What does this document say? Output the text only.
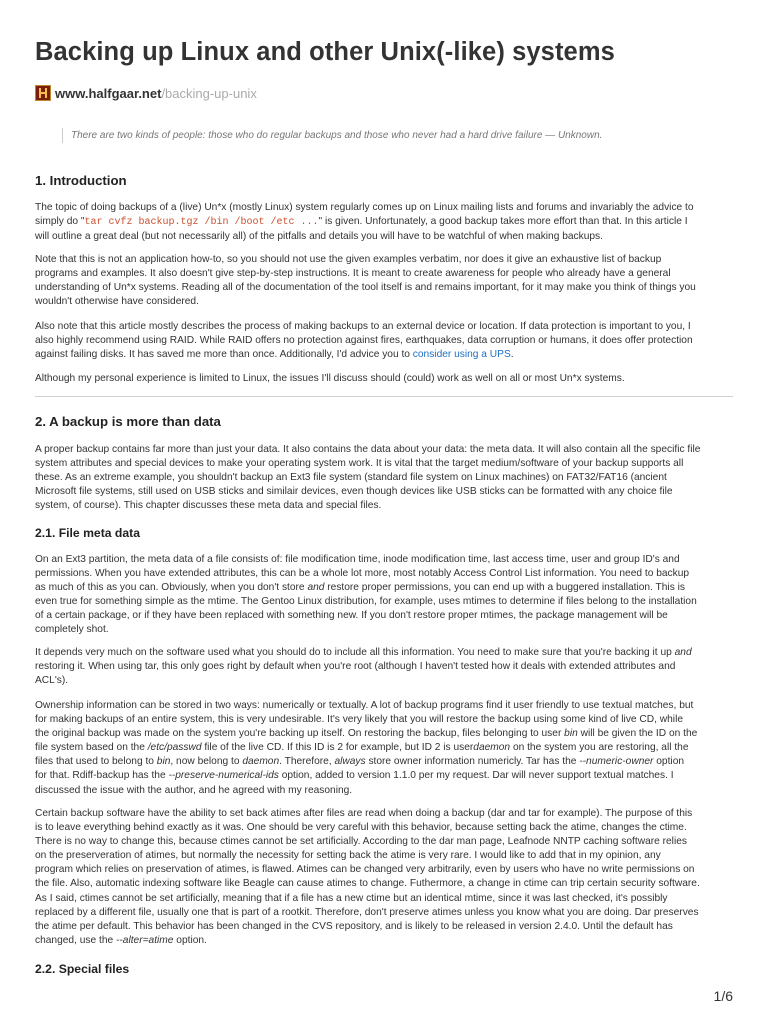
Backing up Linux and other Unix(-like) systems
www.halfgaar.net /backing-up-unix
There are two kinds of people: those who do regular backups and those who never had a hard drive failure — Unknown.
1. Introduction

The topic of doing backups of a (live) Un*x (mostly Linux) system regularly comes up on Linux mailing lists and forums and invariably the advice to

simply do "tar cvfz backup.tgz /bin /boot /etc ..." is given. Unfortunately, a good backup takes more effort than that. In this article I

will outline a great deal (but not necessarily all) of the pitfalls and details you will have to be watchful of when making backups.

Note that this is not an application how-to, so you should not use the given examples verbatim, nor does it give an exhaustive list of backup

programs and examples. It also doesn't give step-by-step instructions. It is meant to create awareness for people who already have a general

understanding of Un*x systems. Reading all of the documentation of the tool itself is and remains important, for it may make you think of things you

wouldn't otherwise have considered.

Also note that this article mostly describes the process of making backups to an external device or location. If data protection is important to you, I

also highly recommend using RAID. While RAID offers no protection against fires, earthquakes, data corruption or humans, it does offer protection

against failing disks. It has saved me more than once. Additionally, I'd advice you to consider using a UPS.

Although my personal experience is limited to Linux, the issues I'll discuss should (could) work as well on all or most Un*x systems.

2. A backup is more than data

A proper backup contains far more than just your data. It also contains the data about your data: the meta data. It will also contain all the specific file

system attributes and special devices to make your operating system work. It is vital that the target medium/software of your backup supports all

these. As an extreme example, you shouldn't backup an Ext3 file system (standard file system on Linux machines) on FAT32/FAT16 (ancient

Microsoft file systems, still used on USB sticks and similair devices, even though devices like USB sticks can be formatted with any choice file

system, of course). This chapter discusses these meta data and special files.

2.1. File meta data

On an Ext3 partition, the meta data of a file consists of: file modification time, inode modification time, last access time, user and group ID's and

permissions. When you have extended attributes, this can be a whole lot more, most notably Access Control List information. You need to backup

as much of this as you can. Obviously, when you don't store and restore proper permissions, you can end up with a buggered installation. This is

even true for something simple as the mtime. The Gentoo Linux distribution, for example, uses mtimes to determine if files belong to the installation

of a certain package, or if they have been replaced with something new. If you don't restore proper mtimes, the package management will be

completely shot.

It depends very much on the software used what you should do to include all this information. You need to make sure that you're backing it up and

restoring it. When using tar, this only goes right by default when you're root (although I haven't tested how it deals with extended attributes and

ACL's).

Ownership information can be stored in two ways: numerically or textually. A lot of backup programs find it user friendly to use textual matches, but

for making backups of an entire system, this is very undesirable. It's very likely that you will restore the backup using some kind of live CD, while

the original backup was made on the system you're backing up itself. On restoring the backup, files belonging to user bin will be given the ID on the

file system based on the /etc/passwd file of the live CD. If this ID is 2 for example, but ID 2 is userdaemon on the system you are restoring, all the

files that used to belong to bin, now belong to daemon. Therefore, always store owner information numericly. Tar has the --numeric-owner option

for that. Rdiff-backup has the --preserve-numerical-ids option, added to version 1.1.0 per my request. Dar will never support textual matches. I

discussed the issue with the author, and he agreed with my reasoning.

Certain backup software have the ability to set back atimes after files are read when doing a backup (dar and tar for example). The purpose of this

is to leave everything behind exactly as it was. One should be very careful with this behavior, because setting back the atime, changes the ctime.

There is no way to change this, because ctimes cannot be set artificially. According to the dar man page, Leafnode NNTP caching software relies

on the preserveration of atimes, but normally the necessity for setting back the atime is very rare. I would like to add that in my opinion, any

program which relies on preservation of atimes, is flawed. Atimes can be changed very arbitrarily, even by users who have no write permissions on

the file. Also, automatic indexing software like Beagle can cause atimes to change. Futhermore, a change in ctime can trip certain security software.

As I said, ctimes cannot be set artificially, meaning that if a file has a new ctime but an identical mtime, since it was last checked, it's possibly

replaced by a different file, usually one that is part of a rootkit. Therefore, don't preserve atimes unless you know what you are doing. Dar preserves

the atime per default. This behavior has been changed in the CVS repository, and is likely to be released in version 2.4.0. Until the default has

changed, use the --alter=atime option.

2.2. Special files
1/6
